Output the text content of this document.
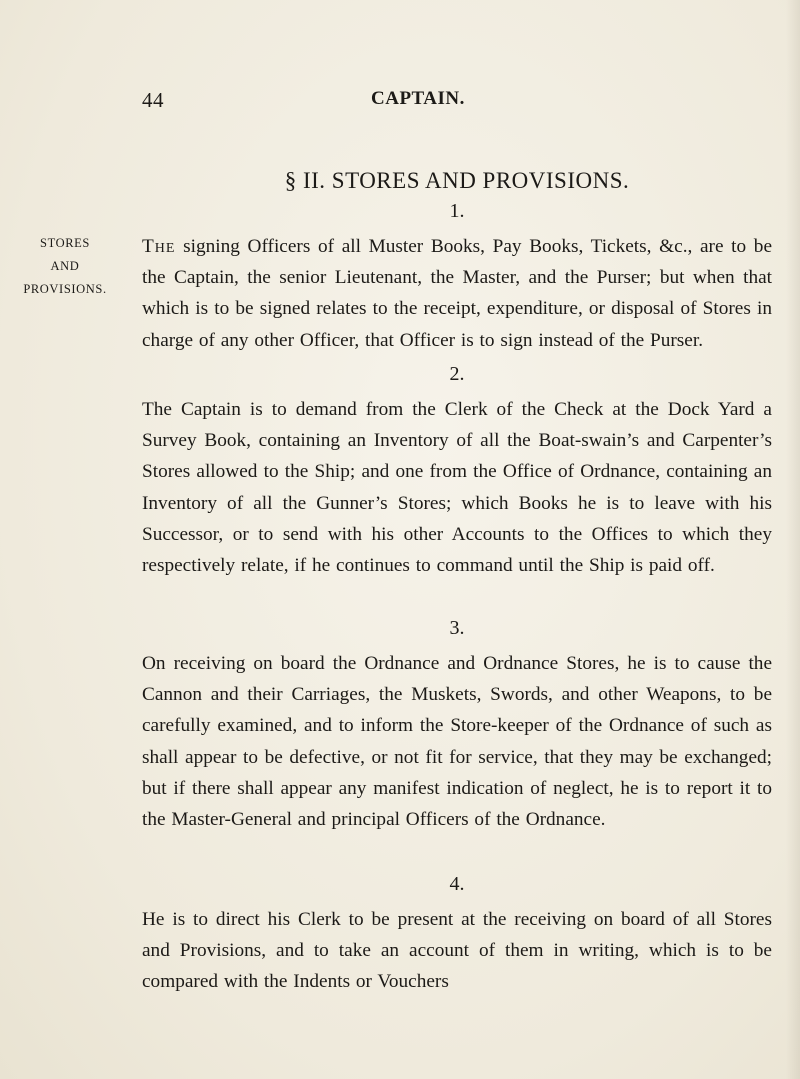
44	CAPTAIN.
§ II. STORES AND PROVISIONS.
STORES
AND
PROVISIONS.
1.

The signing Officers of all Muster Books, Pay Books, Tickets, &c., are to be the Captain, the senior Lieutenant, the Master, and the Purser; but when that which is to be signed relates to the receipt, expenditure, or disposal of Stores in charge of any other Officer, that Officer is to sign instead of the Purser.

2.

The Captain is to demand from the Clerk of the Check at the Dock Yard a Survey Book, containing an Inventory of all the Boat-swain’s and Carpenter’s Stores allowed to the Ship; and one from the Office of Ordnance, containing an Inventory of all the Gunner’s Stores; which Books he is to leave with his Successor, or to send with his other Accounts to the Offices to which they respectively relate, if he continues to command until the Ship is paid off.

3.

On receiving on board the Ordnance and Ordnance Stores, he is to cause the Cannon and their Carriages, the Muskets, Swords, and other Weapons, to be carefully examined, and to inform the Store-keeper of the Ordnance of such as shall appear to be defective, or not fit for service, that they may be exchanged; but if there shall appear any manifest indication of neglect, he is to report it to the Master-General and principal Officers of the Ordnance.

4.

He is to direct his Clerk to be present at the receiving on board of all Stores and Provisions, and to take an account of them in writing, which is to be compared with the Indents or Vouchers
